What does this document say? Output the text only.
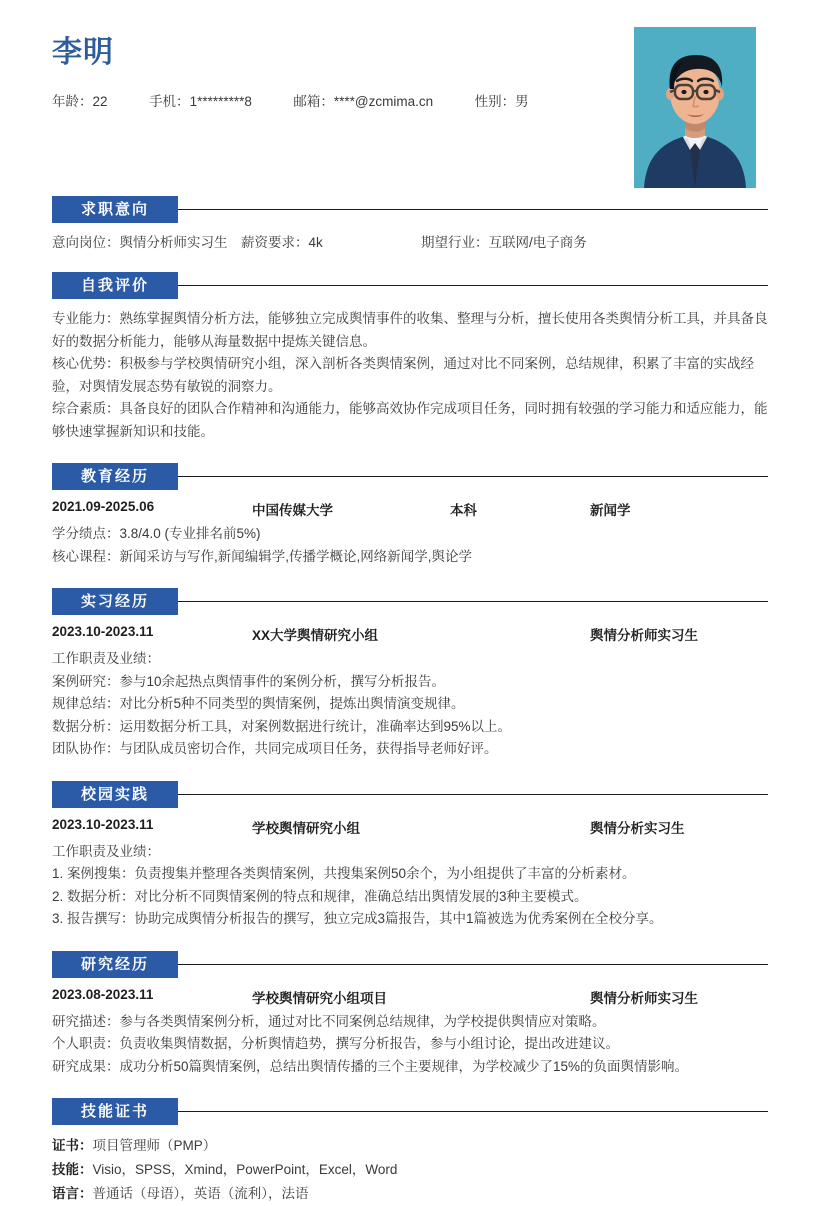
李明
年龄：22	手机：1*********8	邮箱：****@zcmima.cn	性别：男
求职意向
意向岗位：舆情分析师实习生 薪资要求：4k	期望行业：互联网/电子商务
自我评价

专业能力：熟练掌握舆情分析方法，能够独立完成舆情事件的收集、整理与分析，擅长使用各类舆情分析工具，并具备良好的数据分析能力，能够从海量数据中提炼关键信息。

核心优势：积极参与学校舆情研究小组，深入剖析各类舆情案例，通过对比不同案例，总结规律，积累了丰富的实战经验，对舆情发展态势有敏锐的洞察力。

综合素质：具备良好的团队合作精神和沟通能力，能够高效协作完成项目任务，同时拥有较强的学习能力和适应能力，能够快速掌握新知识和技能。

教育经历
2021.09-2025.06	中国传媒大学	本科	新闻学

学分绩点：3.8/4.0 (专业排名前5%)

核心课程：新闻采访与写作,新闻编辑学,传播学概论,网络新闻学,舆论学

实习经历
2023.10-2023.11	XX大学舆情研究小组	舆情分析师实习生

工作职责及业绩：

案例研究：参与10余起热点舆情事件的案例分析，撰写分析报告。

规律总结：对比分析5种不同类型的舆情案例，提炼出舆情演变规律。

数据分析：运用数据分析工具，对案例数据进行统计，准确率达到95%以上。

团队协作：与团队成员密切合作，共同完成项目任务，获得指导老师好评。

校园实践
2023.10-2023.11	学校舆情研究小组	舆情分析实习生

工作职责及业绩：

1. 案例搜集：负责搜集并整理各类舆情案例，共搜集案例50余个，为小组提供了丰富的分析素材。

2. 数据分析：对比分析不同舆情案例的特点和规律，准确总结出舆情发展的3种主要模式。

3. 报告撰写：协助完成舆情分析报告的撰写，独立完成3篇报告，其中1篇被选为优秀案例在全校分享。

研究经历
2023.08-2023.11	学校舆情研究小组项目	舆情分析师实习生

研究描述：参与各类舆情案例分析，通过对比不同案例总结规律，为学校提供舆情应对策略。

个人职责：负责收集舆情数据，分析舆情趋势，撰写分析报告，参与小组讨论，提出改进建议。

研究成果：成功分析50篇舆情案例，总结出舆情传播的三个主要规律，为学校减少了15%的负面舆情影响。

技能证书
证书：项目管理师（PMP）
技能：Visio，SPSS，Xmind，PowerPoint，Excel，Word
语言：普通话（母语），英语（流利），法语
